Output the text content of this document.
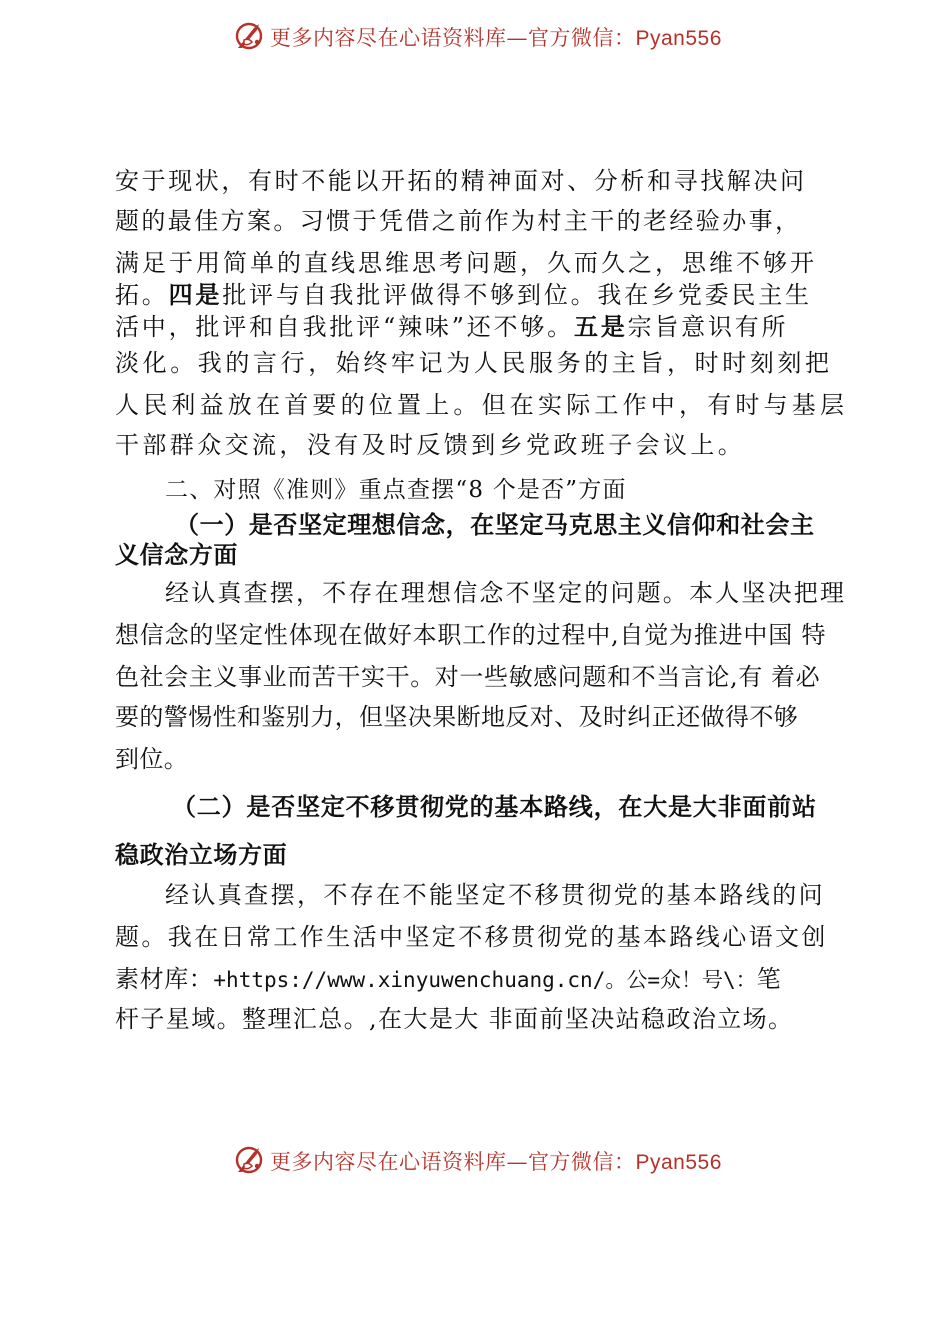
更多内容尽在心语资料库—官方微信：Pyan556
安于现状，有时不能以开拓的精神面对、分析和寻找解决问
题的最佳方案。习惯于凭借之前作为村主干的老经验办事，
满足于用简单的直线思维思考问题，久而久之，思维不够开
拓。四是批评与自我批评做得不够到位。我在乡党委民主生
活中，批评和自我批评“辣味”还不够。五是宗旨意识有所
淡化。我的言行，始终牢记为人民服务的主旨，时时刻刻把
人民利益放在首要的位置上。但在实际工作中，有时与基层
干部群众交流，没有及时反馈到乡党政班子会议上。
二、对照《准则》重点查摆“8 个是否”方面
（一）是否坚定理想信念，在坚定马克思主义信仰和社会主
义信念方面
经认真查摆，不存在理想信念不坚定的问题。本人坚决把理
想信念的坚定性体现在做好本职工作的过程中,自觉为推进中国 特
色社会主义事业而苦干实干。对一些敏感问题和不当言论,有 着必
要的警惕性和鉴别力，但坚决果断地反对、及时纠正还做得不够
到位。
（二）是否坚定不移贯彻党的基本路线，在大是大非面前站
稳政治立场方面
经认真查摆，不存在不能坚定不移贯彻党的基本路线的问
题。我在日常工作生活中坚定不移贯彻党的基本路线心语文创
素材库：+https://www.xinyuwenchuang.cn/。公=众！号\：笔
杆子星域。整理汇总。,在大是大 非面前坚决站稳政治立场。
更多内容尽在心语资料库—官方微信：Pyan556
